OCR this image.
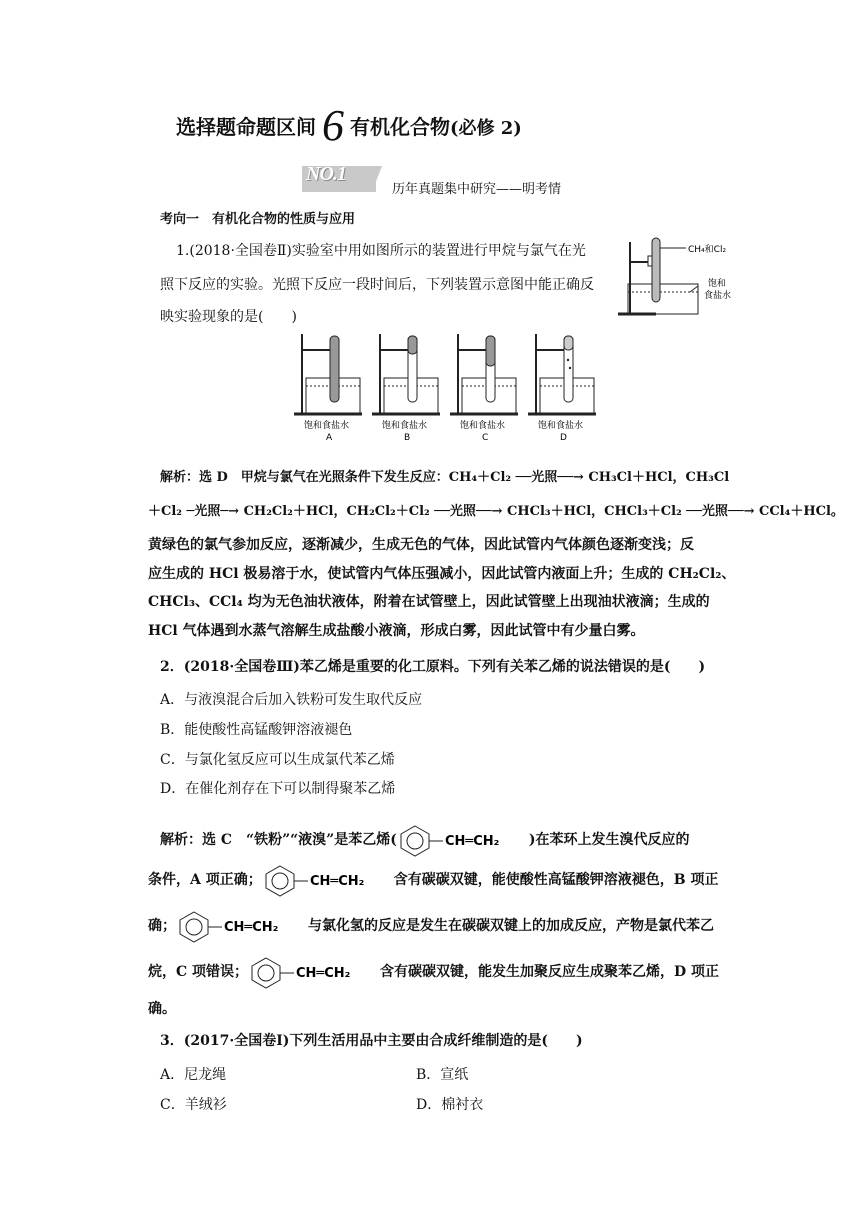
选择题命题区间 6 有机化合物(必修 2)
NO.1
历年真题集中研究——明考情
考向一　有机化合物的性质与应用
1.(2018·全国卷Ⅱ)实验室中用如图所示的装置进行甲烷与氯气在光
照下反应的实验。光照下反应一段时间后，下列装置示意图中能正确反
映实验现象的是(　　)
CH₄和Cl₂
饱和
食盐水
饱和食盐水
A
饱和食盐水
B
饱和食盐水
C
饱和食盐水
D
解析：选 D　甲烷与氯气在光照条件下发生反应：CH₄＋Cl₂ ──光照──→ CH₃Cl＋HCl，CH₃Cl
＋Cl₂ ─光照─→ CH₂Cl₂＋HCl，CH₂Cl₂＋Cl₂ ──光照──→ CHCl₃＋HCl，CHCl₃＋Cl₂ ──光照──→ CCl₄＋HCl。
黄绿色的氯气参加反应，逐渐减少，生成无色的气体，因此试管内气体颜色逐渐变浅；反
应生成的 HCl 极易溶于水，使试管内气体压强减小，因此试管内液面上升；生成的 CH₂Cl₂、
CHCl₃、CCl₄ 均为无色油状液体，附着在试管壁上，因此试管壁上出现油状液滴；生成的
HCl 气体遇到水蒸气溶解生成盐酸小液滴，形成白雾，因此试管中有少量白雾。
2．(2018·全国卷Ⅲ)苯乙烯是重要的化工原料。下列有关苯乙烯的说法错误的是(　　)
A．与液溴混合后加入铁粉可发生取代反应
B．能使酸性高锰酸钾溶液褪色
C．与氯化氢反应可以生成氯代苯乙烯
D．在催化剂存在下可以制得聚苯乙烯
解析：选 C　“铁粉”“液溴”是苯乙烯(	CH═CH₂ )在苯环上发生溴代反应的
条件，A 项正确；	CH═CH₂ 含有碳碳双键，能使酸性高锰酸钾溶液褪色，B 项正
确；	CH═CH₂ 与氯化氢的反应是发生在碳碳双键上的加成反应，产物是氯代苯乙
烷，C 项错误；	CH═CH₂ 含有碳碳双键，能发生加聚反应生成聚苯乙烯，D 项正
确。
3．(2017·全国卷Ⅰ)下列生活用品中主要由合成纤维制造的是(　　)
A．尼龙绳	B．宣纸
C．羊绒衫	D．棉衬衣
